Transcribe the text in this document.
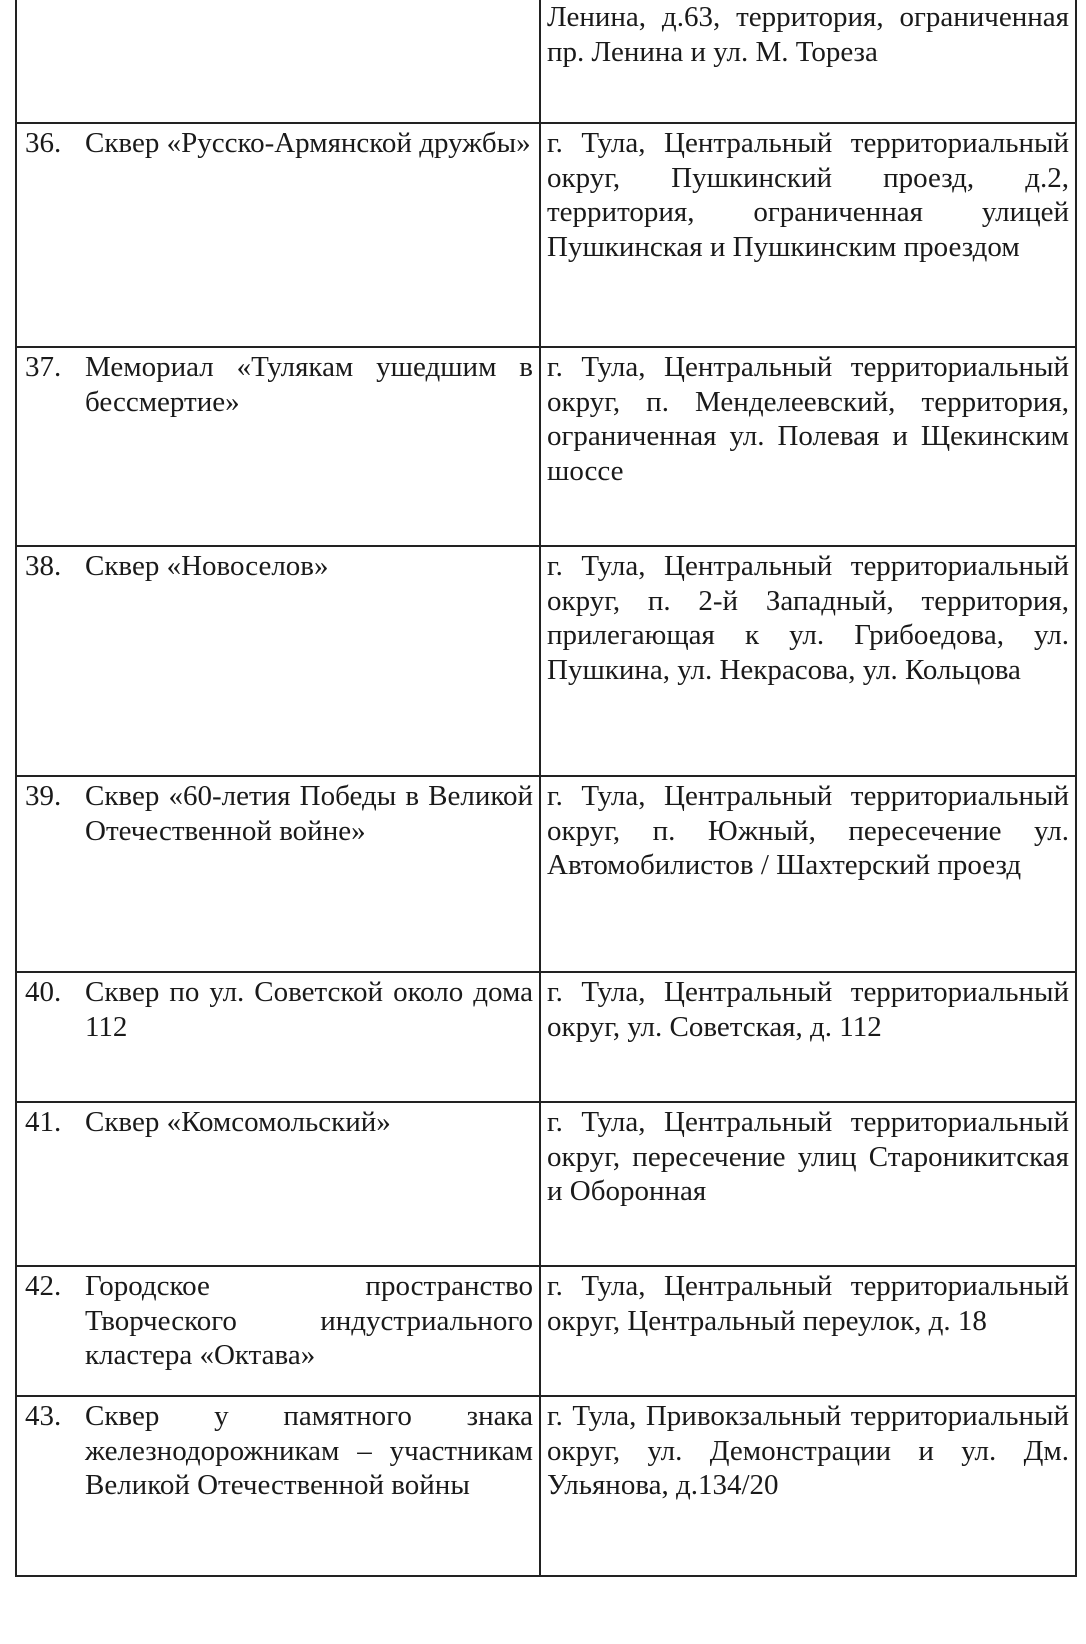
	Ленина, д.63, территория, ограниченная пр. Ленина и ул. М. Тореза

36. Сквер «Русско-Армянской дружбы»	г. Тула, Центральный территориальный округ, Пушкинский проезд, д.2, территория, ограниченная улицей Пушкинская и Пушкинским проездом

37. Мемориал «Тулякам ушедшим в бессмертие»	г. Тула, Центральный территориальный округ, п. Менделеевский, территория, ограниченная ул. Полевая и Щекинским шоссе

38. Сквер «Новоселов»	г. Тула, Центральный территориальный округ, п. 2-й Западный, территория, прилегающая к ул. Грибоедова, ул. Пушкина, ул. Некрасова, ул. Кольцова

39. Сквер «60-летия Победы в Великой Отечественной войне»	г. Тула, Центральный территориальный округ, п. Южный, пересечение ул. Автомобилистов / Шахтерский проезд

40. Сквер по ул. Советской около дома 112	г. Тула, Центральный территориальный округ, ул. Советская, д. 112

41. Сквер «Комсомольский»	г. Тула, Центральный территориальный округ, пересечение улиц Староникитская и Оборонная

42. Городское пространство Творческого индустриального кластера «Октава»	г. Тула, Центральный территориальный округ, Центральный переулок, д. 18

43. Сквер у памятного знака железнодорожникам – участникам Великой Отечественной войны	г. Тула, Привокзальный территориальный округ, ул. Демонстрации и ул. Дм. Ульянова, д.134/20
